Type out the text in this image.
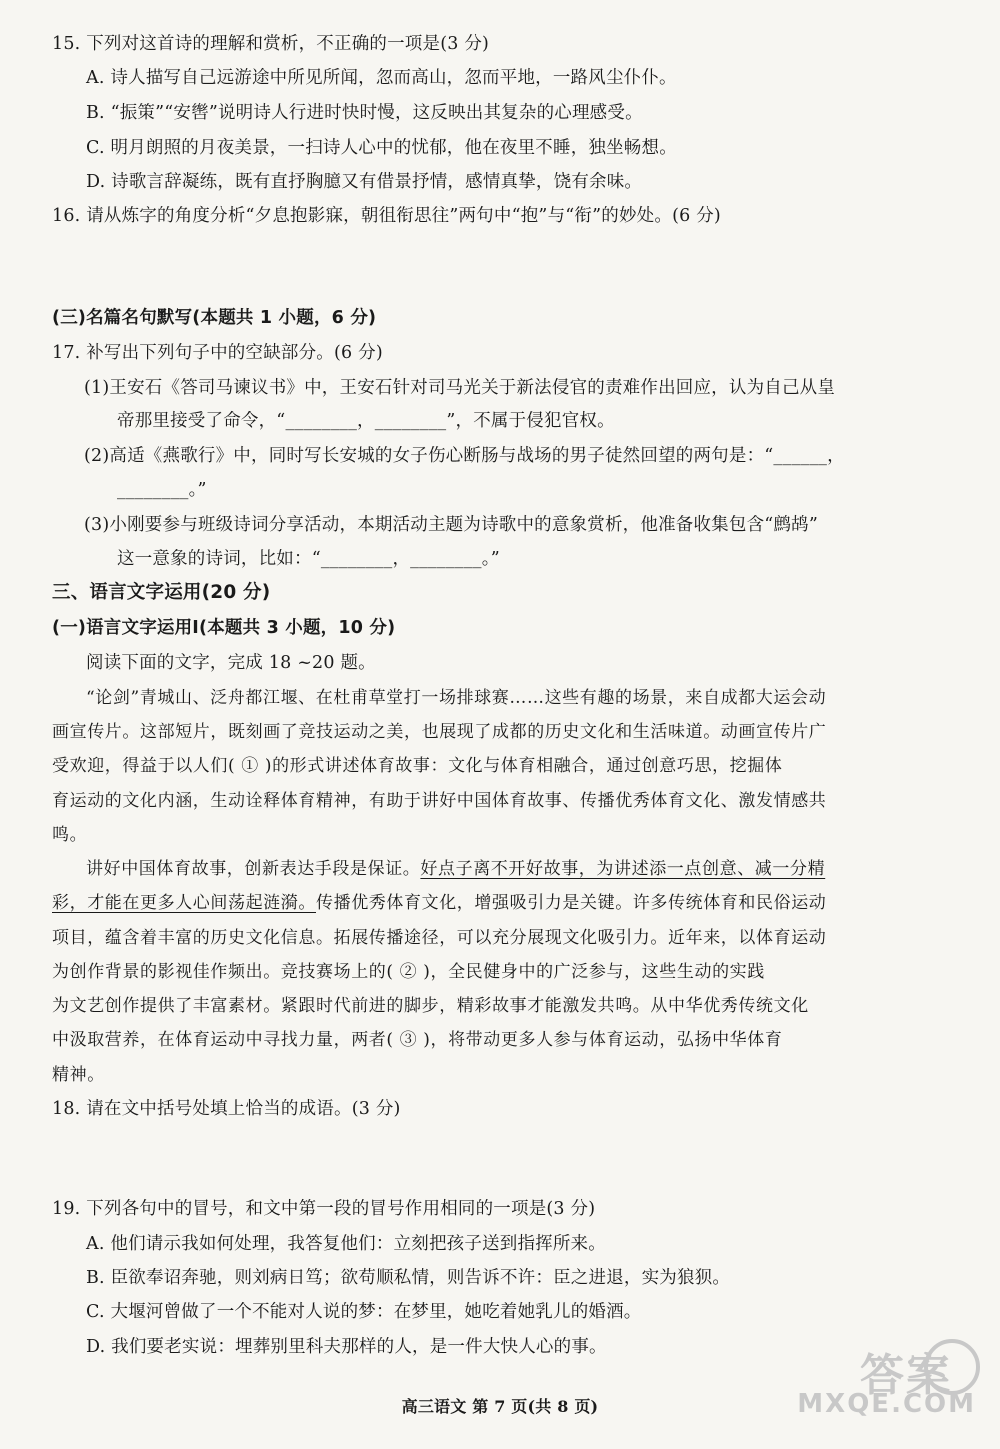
15. 下列对这首诗的理解和赏析，不正确的一项是(3 分)
A. 诗人描写自己远游途中所见所闻，忽而高山，忽而平地，一路风尘仆仆。
B. “振策”“安辔”说明诗人行进时快时慢，这反映出其复杂的心理感受。
C. 明月朗照的月夜美景，一扫诗人心中的忧郁，他在夜里不睡，独坐畅想。
D. 诗歌言辞凝练，既有直抒胸臆又有借景抒情，感情真挚，饶有余味。
16. 请从炼字的角度分析“夕息抱影寐，朝徂衔思往”两句中“抱”与“衔”的妙处。(6 分)
(三)名篇名句默写(本题共 1 小题，6 分)
17. 补写出下列句子中的空缺部分。(6 分)
(1)王安石《答司马谏议书》中，王安石针对司马光关于新法侵官的责难作出回应，认为自己从皇
帝那里接受了命令，“________，________”，不属于侵犯官权。
(2)高适《燕歌行》中，同时写长安城的女子伤心断肠与战场的男子徒然回望的两句是：“______，
________。”
(3)小刚要参与班级诗词分享活动，本期活动主题为诗歌中的意象赏析，他准备收集包含“鹧鸪”
这一意象的诗词，比如：“________，________。”
三、语言文字运用(20 分)
(一)语言文字运用Ⅰ(本题共 3 小题，10 分)
阅读下面的文字，完成 18 ~20 题。
“论剑”青城山、泛舟都江堰、在杜甫草堂打一场排球赛……这些有趣的场景，来自成都大运会动
画宣传片。这部短片，既刻画了竞技运动之美，也展现了成都的历史文化和生活味道。动画宣传片广
受欢迎，得益于以人们( ① )的形式讲述体育故事：文化与体育相融合，通过创意巧思，挖掘体
育运动的文化内涵，生动诠释体育精神，有助于讲好中国体育故事、传播优秀体育文化、激发情感共
鸣。
讲好中国体育故事，创新表达手段是保证。好点子离不开好故事，为讲述添一点创意、减一分精
彩，才能在更多人心间荡起涟漪。传播优秀体育文化，增强吸引力是关键。许多传统体育和民俗运动
项目，蕴含着丰富的历史文化信息。拓展传播途径，可以充分展现文化吸引力。近年来，以体育运动
为创作背景的影视佳作频出。竞技赛场上的( ② )，全民健身中的广泛参与，这些生动的实践
为文艺创作提供了丰富素材。紧跟时代前进的脚步，精彩故事才能激发共鸣。从中华优秀传统文化
中汲取营养，在体育运动中寻找力量，两者( ③ )，将带动更多人参与体育运动，弘扬中华体育
精神。
18. 请在文中括号处填上恰当的成语。(3 分)
19. 下列各句中的冒号，和文中第一段的冒号作用相同的一项是(3 分)
A. 他们请示我如何处理，我答复他们：立刻把孩子送到指挥所来。
B. 臣欲奉诏奔驰，则刘病日笃；欲苟顺私情，则告诉不许：臣之进退，实为狼狈。
C. 大堰河曾做了一个不能对人说的梦：在梦里，她吃着她乳儿的婚酒。
D. 我们要老实说：埋葬别里科夫那样的人，是一件大快人心的事。
高三语文 第 7 页(共 8 页)
答案
MXQE.COM
